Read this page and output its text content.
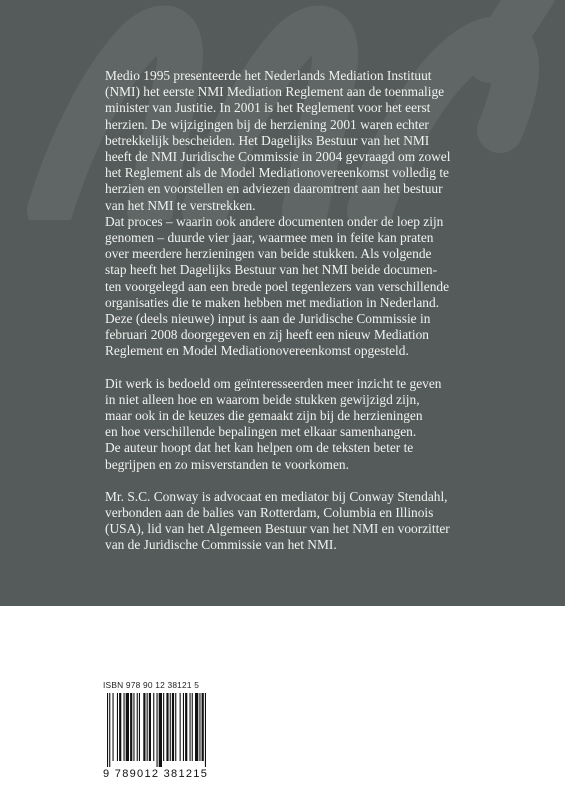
Medio 1995 presenteerde het Nederlands Mediation Instituut
(NMI) het eerste NMI Mediation Reglement aan de toenmalige
minister van Justitie. In 2001 is het Reglement voor het eerst
herzien. De wijzigingen bij de herziening 2001 waren echter
betrekkelijk bescheiden. Het Dagelijks Bestuur van het NMI
heeft de NMI Juridische Commissie in 2004 gevraagd om zowel
het Reglement als de Model Mediationovereenkomst volledig te
herzien en voorstellen en adviezen daaromtrent aan het bestuur
van het NMI te verstrekken.
Dat proces – waarin ook andere documenten onder de loep zijn
genomen – duurde vier jaar, waarmee men in feite kan praten
over meerdere herzieningen van beide stukken. Als volgende
stap heeft het Dagelijks Bestuur van het NMI beide documen-
ten voorgelegd aan een brede poel tegenlezers van verschillende
organisaties die te maken hebben met mediation in Nederland.
Deze (deels nieuwe) input is aan de Juridische Commissie in
februari 2008 doorgegeven en zij heeft een nieuw Mediation
Reglement en Model Mediationovereenkomst opgesteld.

Dit werk is bedoeld om geïnteresseerden meer inzicht te geven
in niet alleen hoe en waarom beide stukken gewijzigd zijn,
maar ook in de keuzes die gemaakt zijn bij de herzieningen
en hoe verschillende bepalingen met elkaar samenhangen.
De auteur hoopt dat het kan helpen om de teksten beter te
begrijpen en zo misverstanden te voorkomen.

Mr. S.C. Conway is advocaat en mediator bij Conway Stendahl,
verbonden aan de balies van Rotterdam, Columbia en Illinois
(USA), lid van het Algemeen Bestuur van het NMI en voorzitter
van de Juridische Commissie van het NMI.

ISBN 978 90 12 38121 5
9 789012 381215
